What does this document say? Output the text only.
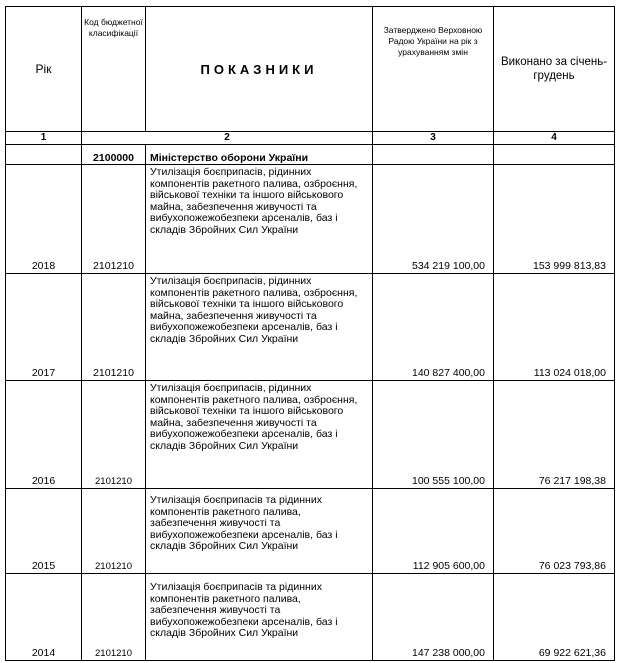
Рік	Код бюджетної класифікації	ПОКАЗНИКИ	Затверджено Верховною Радою України на рік з урахуванням змін	Виконано за січень-грудень
1	2		3	4
	2100000	Міністерство оборони України		
2018	2101210	Утилізація боєприпасів, рідинних компонентів ракетного палива, озброєння, військової техніки та іншого військового майна, забезпечення живучості та вибухопожежобезпеки арсеналів, баз і складів Збройних Сил України	534 219 100,00	153 999 813,83
2017	2101210	Утилізація боєприпасів, рідинних компонентів ракетного палива, озброєння, військової техніки та іншого військового майна, забезпечення живучості та вибухопожежобезпеки арсеналів, баз і складів Збройних Сил України	140 827 400,00	113 024 018,00
2016	2101210	Утилізація боєприпасів, рідинних компонентів ракетного палива, озброєння, військової техніки та іншого військового майна, забезпечення живучості та вибухопожежобезпеки арсеналів, баз і складів Збройних Сил України	100 555 100,00	76 217 198,38
2015	2101210	Утилізація боєприпасів та рідинних компонентів ракетного палива, забезпечення живучості та вибухопожежобезпеки арсеналів, баз і складів Збройних Сил України	112 905 600,00	76 023 793,86
2014	2101210	Утилізація боєприпасів та рідинних компонентів ракетного палива, забезпечення живучості та вибухопожежобезпеки арсеналів, баз і складів Збройних Сил України	147 238 000,00	69 922 621,36
